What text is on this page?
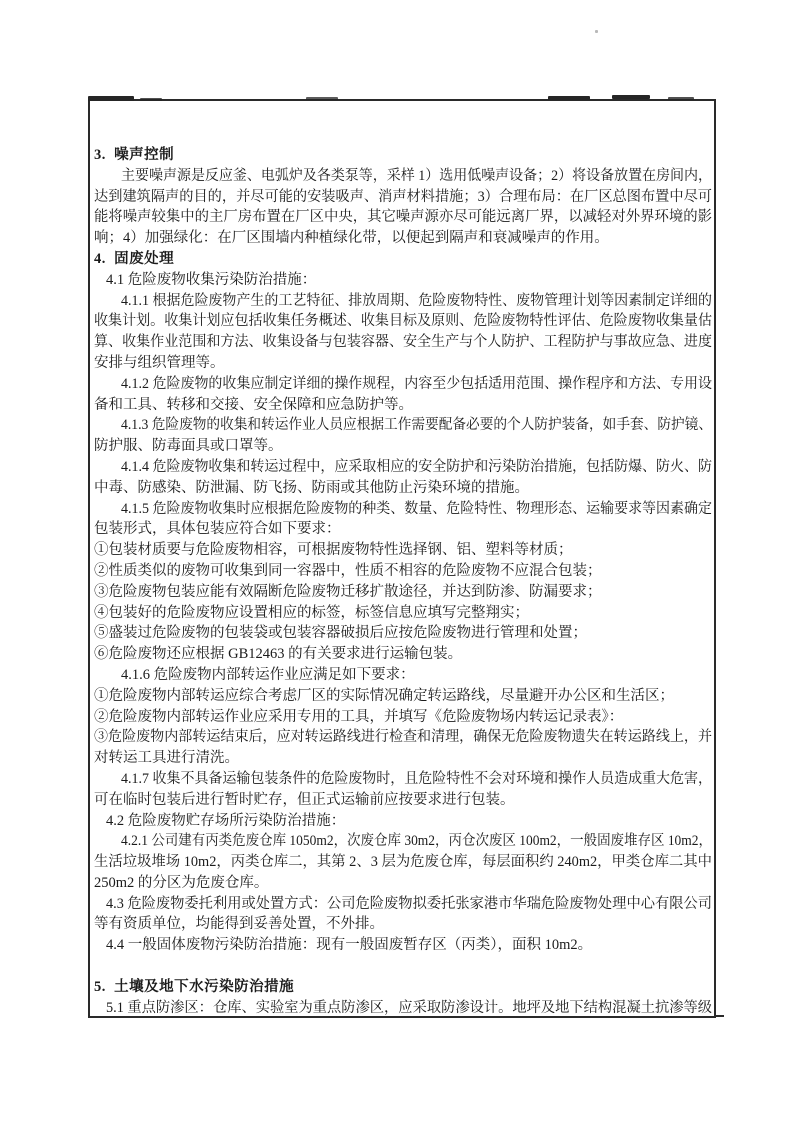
3.  噪声控制
主要噪声源是反应釜、电弧炉及各类泵等，采样 1）选用低噪声设备；2）将设备放置在房间内，
达到建筑隔声的目的，并尽可能的安装吸声、消声材料措施；3）合理布局：在厂区总图布置中尽可
能将噪声较集中的主厂房布置在厂区中央，其它噪声源亦尽可能远离厂界，以减轻对外界环境的影
响；4）加强绿化：在厂区围墙内种植绿化带，以便起到隔声和衰减噪声的作用。
4.  固废处理
4.1 危险废物收集污染防治措施：
4.1.1 根据危险废物产生的工艺特征、排放周期、危险废物特性、废物管理计划等因素制定详细的
收集计划。收集计划应包括收集任务概述、收集目标及原则、危险废物特性评估、危险废物收集量估
算、收集作业范围和方法、收集设备与包装容器、安全生产与个人防护、工程防护与事故应急、进度
安排与组织管理等。
4.1.2 危险废物的收集应制定详细的操作规程，内容至少包括适用范围、操作程序和方法、专用设
备和工具、转移和交接、安全保障和应急防护等。
4.1.3 危险废物的收集和转运作业人员应根据工作需要配备必要的个人防护装备，如手套、防护镜、
防护服、防毒面具或口罩等。
4.1.4 危险废物收集和转运过程中，应采取相应的安全防护和污染防治措施，包括防爆、防火、防
中毒、防感染、防泄漏、防飞扬、防雨或其他防止污染环境的措施。
4.1.5 危险废物收集时应根据危险废物的种类、数量、危险特性、物理形态、运输要求等因素确定
包装形式，具体包装应符合如下要求：
①包装材质要与危险废物相容，可根据废物特性选择钢、铝、塑料等材质；
②性质类似的废物可收集到同一容器中，性质不相容的危险废物不应混合包装；
③危险废物包装应能有效隔断危险废物迁移扩散途径，并达到防渗、防漏要求；
④包装好的危险废物应设置相应的标签，标签信息应填写完整翔实；
⑤盛装过危险废物的包装袋或包装容器破损后应按危险废物进行管理和处置；
⑥危险废物还应根据 GB12463 的有关要求进行运输包装。
4.1.6 危险废物内部转运作业应满足如下要求：
①危险废物内部转运应综合考虑厂区的实际情况确定转运路线，尽量避开办公区和生活区；
②危险废物内部转运作业应采用专用的工具，并填写《危险废物场内转运记录表》：
③危险废物内部转运结束后，应对转运路线进行检查和清理，确保无危险废物遗失在转运路线上，并
对转运工具进行清洗。
4.1.7 收集不具备运输包装条件的危险废物时，且危险特性不会对环境和操作人员造成重大危害，
可在临时包装后进行暂时贮存，但正式运输前应按要求进行包装。
4.2 危险废物贮存场所污染防治措施：
4.2.1 公司建有丙类危废仓库 1050m2，次废仓库 30m2，丙仓次废区 100m2，一般固废堆存区 10m2，
生活垃圾堆场 10m2，丙类仓库二，其第 2、3 层为危废仓库，每层面积约 240m2，甲类仓库二其中
250m2 的分区为危废仓库。
4.3 危险废物委托利用或处置方式：公司危险废物拟委托张家港市华瑞危险废物处理中心有限公司
等有资质单位，均能得到妥善处置，不外排。
4.4 一般固体废物污染防治措施：现有一般固废暂存区（丙类），面积 10m2。
5.  土壤及地下水污染防治措施
5.1 重点防渗区：仓库、实验室为重点防渗区，应采取防渗设计。地坪及地下结构混凝土抗渗等级
